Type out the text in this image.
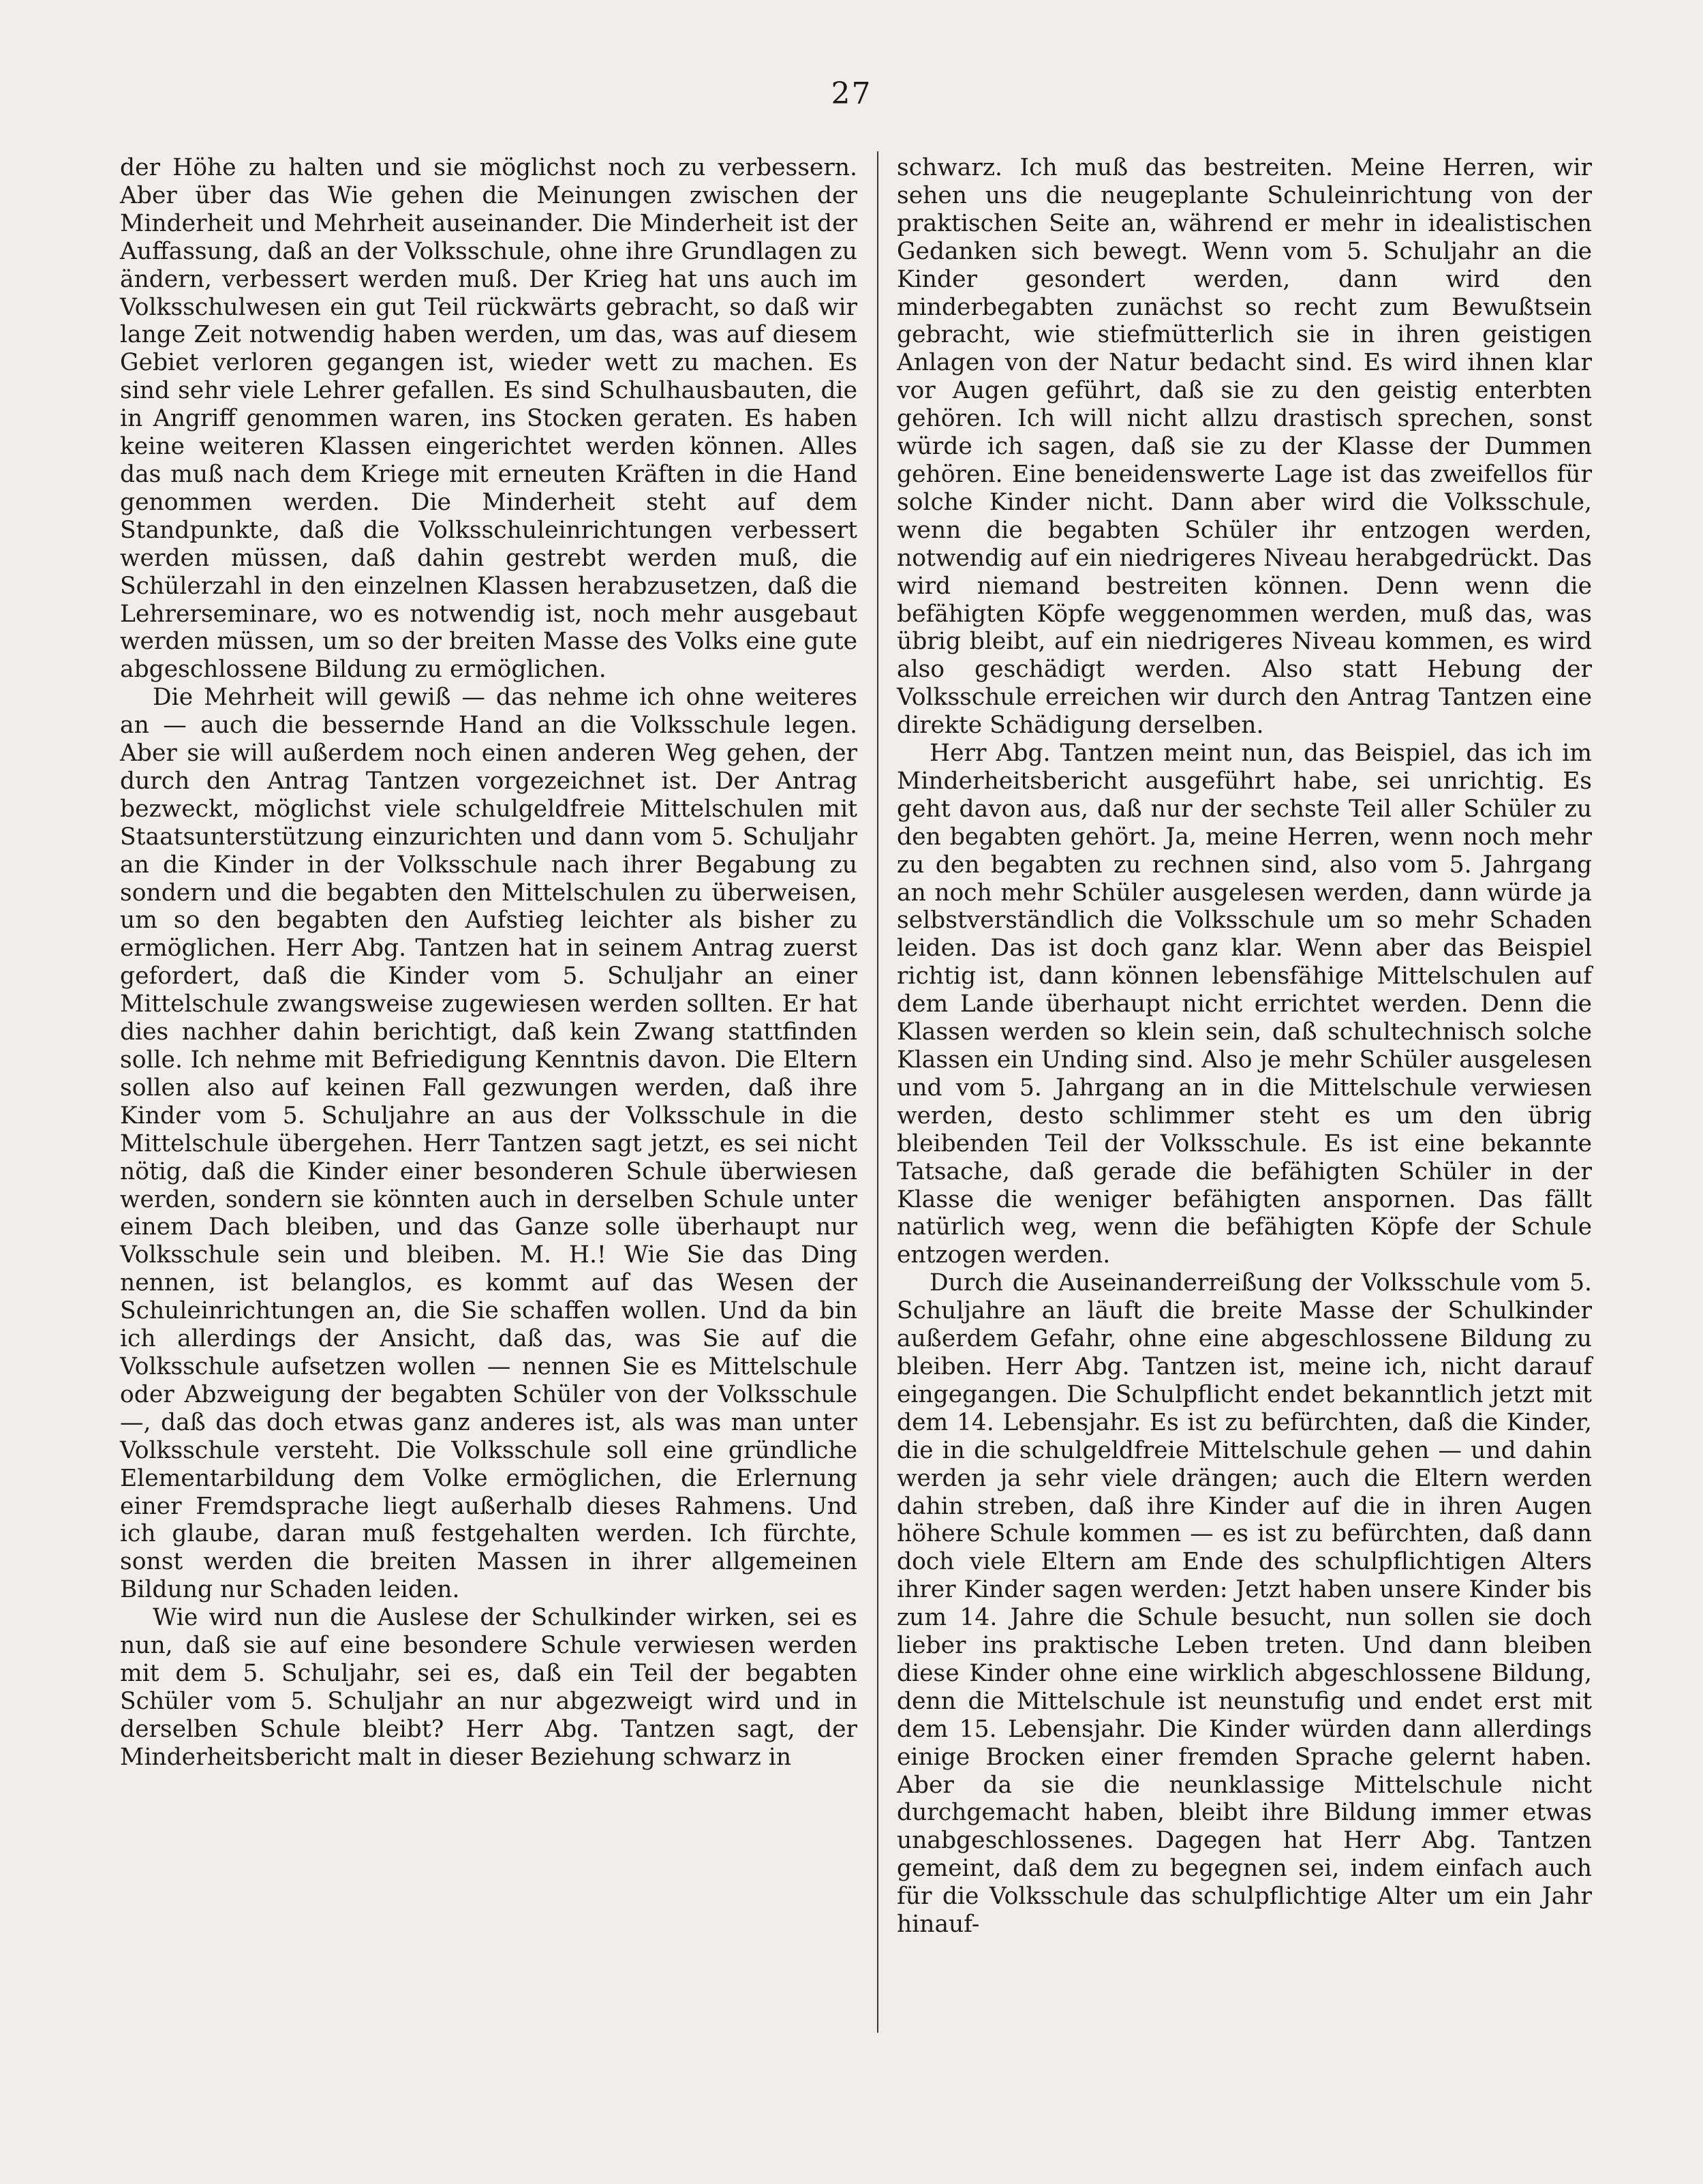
27

der Höhe zu halten und sie möglichst noch zu verbessern. Aber über das Wie gehen die Meinungen zwischen der Minderheit und Mehrheit auseinander. Die Minderheit ist der Auffassung, daß an der Volksschule, ohne ihre Grundlagen zu ändern, verbessert werden muß. Der Krieg hat uns auch im Volksschulwesen ein gut Teil rückwärts gebracht, so daß wir lange Zeit notwendig haben werden, um das, was auf diesem Gebiet verloren gegangen ist, wieder wett zu machen. Es sind sehr viele Lehrer gefallen. Es sind Schulhausbauten, die in Angriff genommen waren, ins Stocken geraten. Es haben keine weiteren Klassen eingerichtet werden können. Alles das muß nach dem Kriege mit erneuten Kräften in die Hand genommen werden. Die Minderheit steht auf dem Standpunkte, daß die Volksschuleinrichtungen verbessert werden müssen, daß dahin gestrebt werden muß, die Schülerzahl in den einzelnen Klassen herabzusetzen, daß die Lehrerseminare, wo es notwendig ist, noch mehr ausgebaut werden müssen, um so der breiten Masse des Volks eine gute abgeschlossene Bildung zu ermöglichen.

Die Mehrheit will gewiß — das nehme ich ohne weiteres an — auch die bessernde Hand an die Volksschule legen. Aber sie will außerdem noch einen anderen Weg gehen, der durch den Antrag Tantzen vorgezeichnet ist. Der Antrag bezweckt, möglichst viele schulgeldfreie Mittelschulen mit Staatsunterstützung einzurichten und dann vom 5. Schuljahr an die Kinder in der Volksschule nach ihrer Begabung zu sondern und die begabten den Mittelschulen zu überweisen, um so den begabten den Aufstieg leichter als bisher zu ermöglichen. Herr Abg. Tantzen hat in seinem Antrag zuerst gefordert, daß die Kinder vom 5. Schuljahr an einer Mittelschule zwangsweise zugewiesen werden sollten. Er hat dies nachher dahin berichtigt, daß kein Zwang stattfinden solle. Ich nehme mit Befriedigung Kenntnis davon. Die Eltern sollen also auf keinen Fall gezwungen werden, daß ihre Kinder vom 5. Schuljahre an aus der Volksschule in die Mittelschule übergehen. Herr Tantzen sagt jetzt, es sei nicht nötig, daß die Kinder einer besonderen Schule überwiesen werden, sondern sie könnten auch in derselben Schule unter einem Dach bleiben, und das Ganze solle überhaupt nur Volksschule sein und bleiben. M. H.! Wie Sie das Ding nennen, ist belanglos, es kommt auf das Wesen der Schuleinrichtungen an, die Sie schaffen wollen. Und da bin ich allerdings der Ansicht, daß das, was Sie auf die Volksschule aufsetzen wollen — nennen Sie es Mittelschule oder Abzweigung der begabten Schüler von der Volksschule —, daß das doch etwas ganz anderes ist, als was man unter Volksschule versteht. Die Volksschule soll eine gründliche Elementarbildung dem Volke ermöglichen, die Erlernung einer Fremdsprache liegt außerhalb dieses Rahmens. Und ich glaube, daran muß festgehalten werden. Ich fürchte, sonst werden die breiten Massen in ihrer allgemeinen Bildung nur Schaden leiden.

Wie wird nun die Auslese der Schulkinder wirken, sei es nun, daß sie auf eine besondere Schule verwiesen werden mit dem 5. Schuljahr, sei es, daß ein Teil der begabten Schüler vom 5. Schuljahr an nur abgezweigt wird und in derselben Schule bleibt? Herr Abg. Tantzen sagt, der Minderheitsbericht malt in dieser Beziehung schwarz in

schwarz. Ich muß das bestreiten. Meine Herren, wir sehen uns die neugeplante Schuleinrichtung von der praktischen Seite an, während er mehr in idealistischen Gedanken sich bewegt. Wenn vom 5. Schuljahr an die Kinder gesondert werden, dann wird den minderbegabten zunächst so recht zum Bewußtsein gebracht, wie stiefmütterlich sie in ihren geistigen Anlagen von der Natur bedacht sind. Es wird ihnen klar vor Augen geführt, daß sie zu den geistig enterbten gehören. Ich will nicht allzu drastisch sprechen, sonst würde ich sagen, daß sie zu der Klasse der Dummen gehören. Eine beneidenswerte Lage ist das zweifellos für solche Kinder nicht. Dann aber wird die Volksschule, wenn die begabten Schüler ihr entzogen werden, notwendig auf ein niedrigeres Niveau herabgedrückt. Das wird niemand bestreiten können. Denn wenn die befähigten Köpfe weggenommen werden, muß das, was übrig bleibt, auf ein niedrigeres Niveau kommen, es wird also geschädigt werden. Also statt Hebung der Volksschule erreichen wir durch den Antrag Tantzen eine direkte Schädigung derselben.

Herr Abg. Tantzen meint nun, das Beispiel, das ich im Minderheitsbericht ausgeführt habe, sei unrichtig. Es geht davon aus, daß nur der sechste Teil aller Schüler zu den begabten gehört. Ja, meine Herren, wenn noch mehr zu den begabten zu rechnen sind, also vom 5. Jahrgang an noch mehr Schüler ausgelesen werden, dann würde ja selbstverständlich die Volksschule um so mehr Schaden leiden. Das ist doch ganz klar. Wenn aber das Beispiel richtig ist, dann können lebensfähige Mittelschulen auf dem Lande überhaupt nicht errichtet werden. Denn die Klassen werden so klein sein, daß schultechnisch solche Klassen ein Unding sind. Also je mehr Schüler ausgelesen und vom 5. Jahrgang an in die Mittelschule verwiesen werden, desto schlimmer steht es um den übrig bleibenden Teil der Volksschule. Es ist eine bekannte Tatsache, daß gerade die befähigten Schüler in der Klasse die weniger befähigten anspornen. Das fällt natürlich weg, wenn die befähigten Köpfe der Schule entzogen werden.

Durch die Auseinanderreißung der Volksschule vom 5. Schuljahre an läuft die breite Masse der Schulkinder außerdem Gefahr, ohne eine abgeschlossene Bildung zu bleiben. Herr Abg. Tantzen ist, meine ich, nicht darauf eingegangen. Die Schulpflicht endet bekanntlich jetzt mit dem 14. Lebensjahr. Es ist zu befürchten, daß die Kinder, die in die schulgeldfreie Mittelschule gehen — und dahin werden ja sehr viele drängen; auch die Eltern werden dahin streben, daß ihre Kinder auf die in ihren Augen höhere Schule kommen — es ist zu befürchten, daß dann doch viele Eltern am Ende des schulpflichtigen Alters ihrer Kinder sagen werden: Jetzt haben unsere Kinder bis zum 14. Jahre die Schule besucht, nun sollen sie doch lieber ins praktische Leben treten. Und dann bleiben diese Kinder ohne eine wirklich abgeschlossene Bildung, denn die Mittelschule ist neunstufig und endet erst mit dem 15. Lebensjahr. Die Kinder würden dann allerdings einige Brocken einer fremden Sprache gelernt haben. Aber da sie die neunklassige Mittelschule nicht durchgemacht haben, bleibt ihre Bildung immer etwas unabgeschlossenes. Dagegen hat Herr Abg. Tantzen gemeint, daß dem zu begegnen sei, indem einfach auch für die Volksschule das schulpflichtige Alter um ein Jahr hinauf-
